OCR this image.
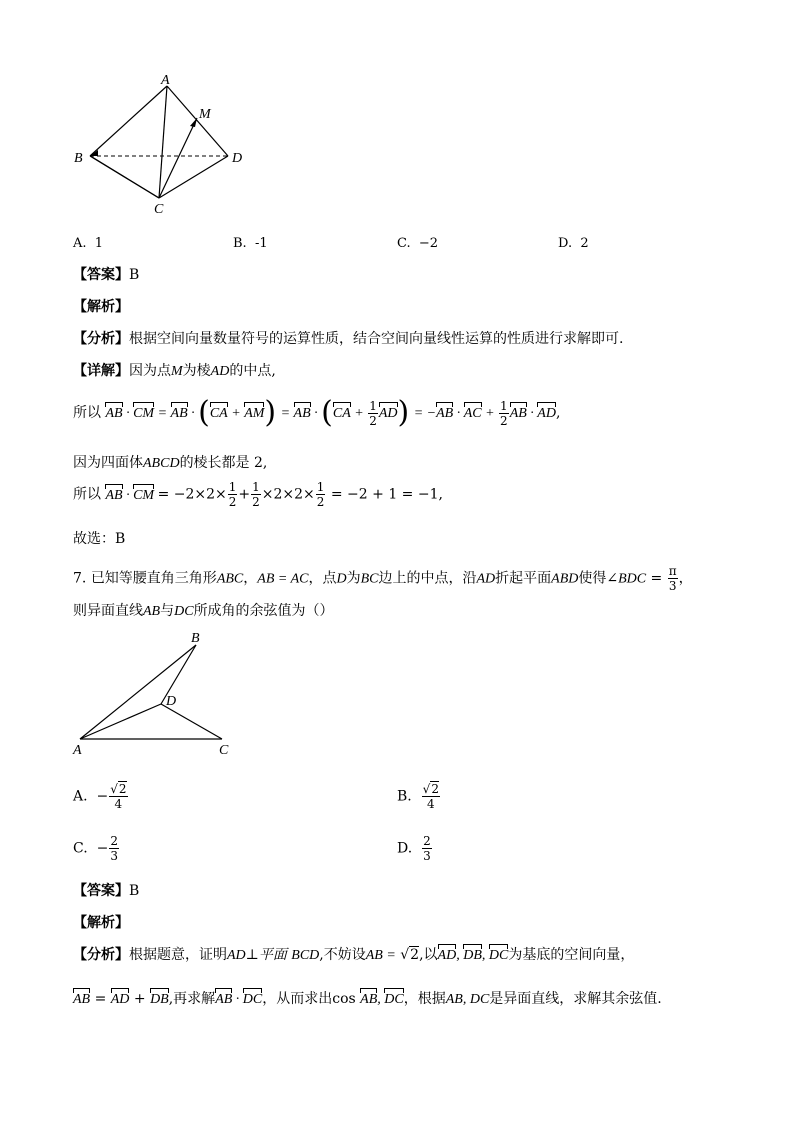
A
B
C
D
M
A. 1	B. -1	C. −2	D. 2
【答案】B
【解析】
【分析】根据空间向量数量符号的运算性质，结合空间向量线性运算的性质进行求解即可.
【详解】因为点M为棱AD的中点,
所以 AB · CM = AB · (CA + AM) = AB · $(CA + \frac{1}{2} AD) = -AB$ · AC + $\frac{1}{2}$ AB · AD,
因为四面体ABCD的棱长都是 2,
所以 AB · CM = $-2\times 2\times \frac{1}{2} + \frac{1}{2} \times 2\times 2\times \frac{1}{2} = -2 + 1 = -1$,
故选：B
7. 已知等腰直角三角形ABC，AB = AC，点D为BC边上的中点，沿AD折起平面ABD使得∠BDC = $\frac{\pi}{3}$ ，
则异面直线AB与DC所成角的余弦值为（）
A
B
C
D
A. − $\frac{√2}{4}$	B. $\frac{√2}{4}$
C. − $\frac{2}{3}$	D. $\frac{2}{3}$
【答案】B
【解析】
【分析】根据题意，证明AD⊥平面 BCD,不妨设AB = √2,以AD, DB, DC为基底的空间向量，
AB = AD + DB,再求解AB · DC，从而求出cos AB, DC，根据AB, DC是异面直线，求解其余弦值.
